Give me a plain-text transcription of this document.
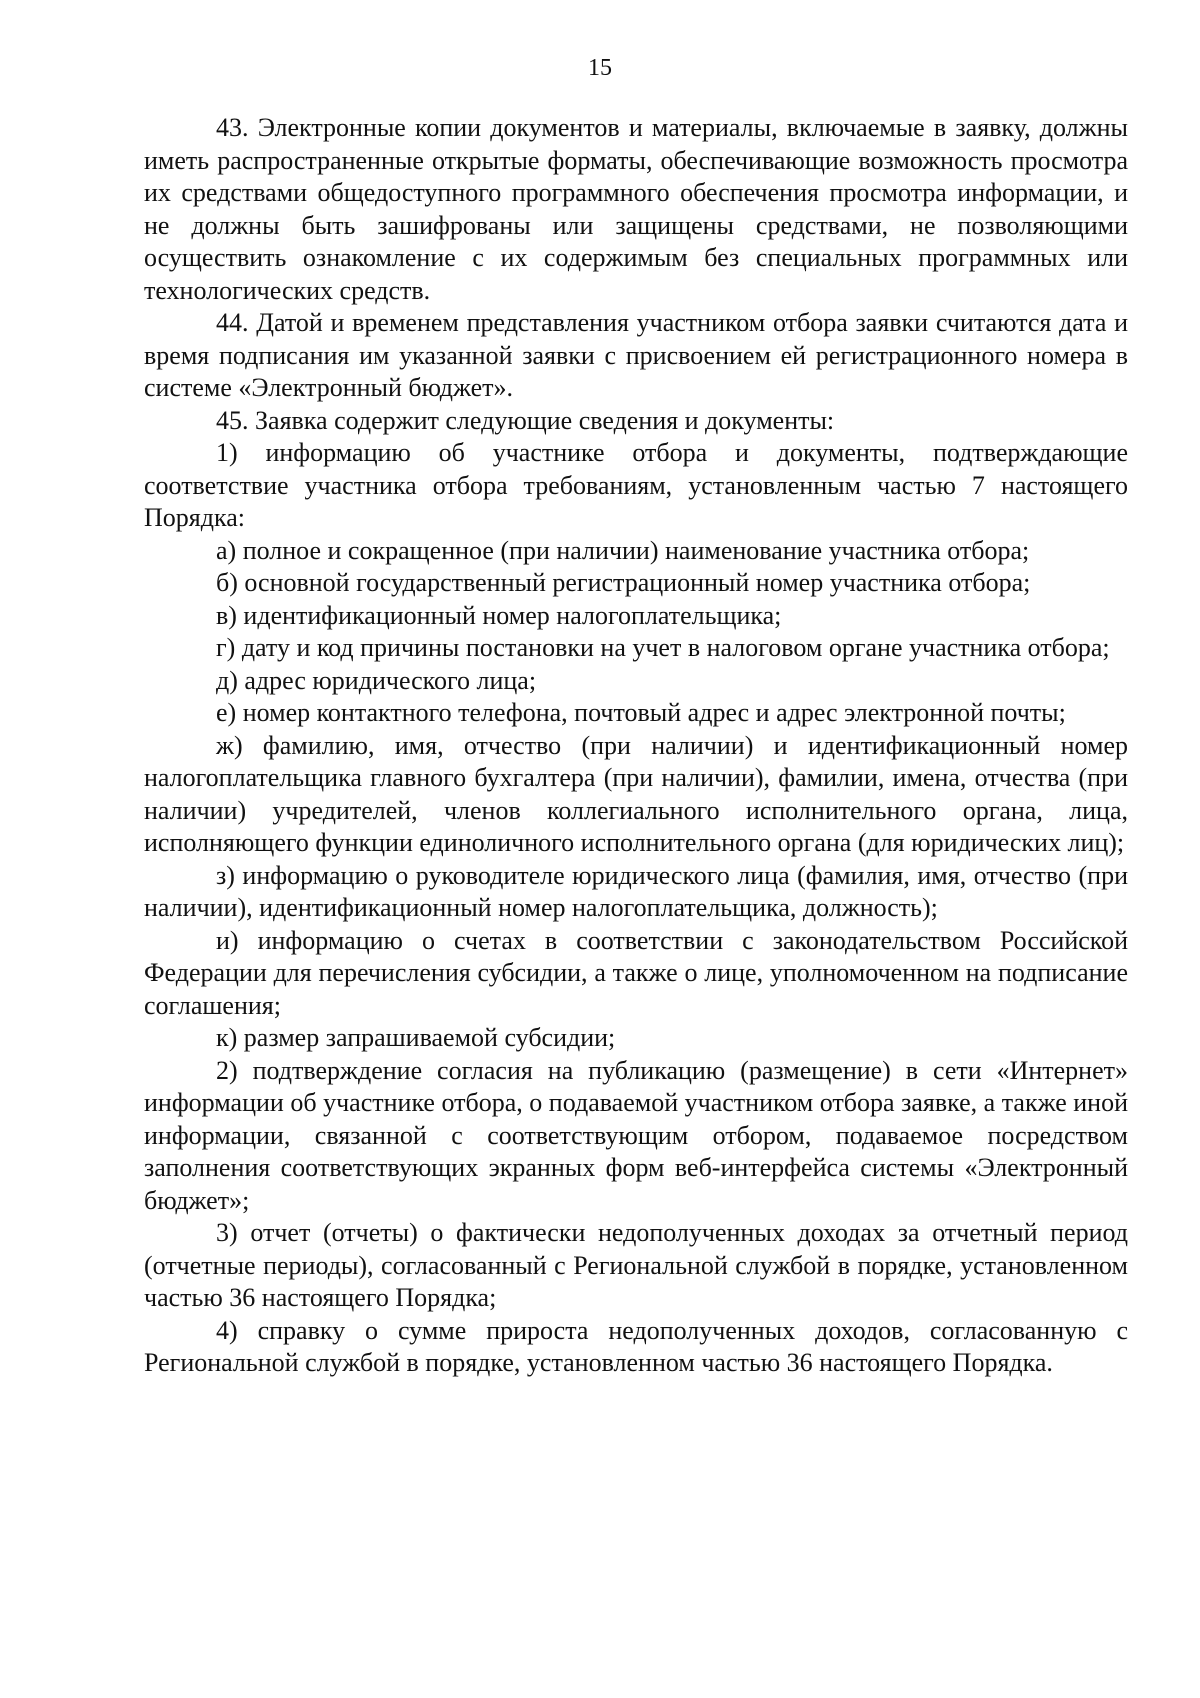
15

43. Электронные копии документов и материалы, включаемые в заявку, должны иметь распространенные открытые форматы, обеспечивающие возможность просмотра их средствами общедоступного программного обеспечения просмотра информации, и не должны быть зашифрованы или защищены средствами, не позволяющими осуществить ознакомление с их содержимым без специальных программных или технологических средств.

44. Датой и временем представления участником отбора заявки считаются дата и время подписания им указанной заявки с присвоением ей регистрационного номера в системе «Электронный бюджет».

45. Заявка содержит следующие сведения и документы:

1) информацию об участнике отбора и документы, подтверждающие соответствие участника отбора требованиям, установленным частью 7 настоящего Порядка:

а) полное и сокращенное (при наличии) наименование участника отбора;

б) основной государственный регистрационный номер участника отбора;

в) идентификационный номер налогоплательщика;

г) дату и код причины постановки на учет в налоговом органе участника отбора;

д) адрес юридического лица;

е) номер контактного телефона, почтовый адрес и адрес электронной почты;

ж) фамилию, имя, отчество (при наличии) и идентификационный номер налогоплательщика главного бухгалтера (при наличии), фамилии, имена, отчества (при наличии) учредителей, членов коллегиального исполнительного органа, лица, исполняющего функции единоличного исполнительного органа (для юридических лиц);

з) информацию о руководителе юридического лица (фамилия, имя, отчество (при наличии), идентификационный номер налогоплательщика, должность);

и) информацию о счетах в соответствии с законодательством Российской Федерации для перечисления субсидии, а также о лице, уполномоченном на подписание соглашения;

к) размер запрашиваемой субсидии;

2) подтверждение согласия на публикацию (размещение) в сети «Интернет» информации об участнике отбора, о подаваемой участником отбора заявке, а также иной информации, связанной с соответствующим отбором, подаваемое посредством заполнения соответствующих экранных форм веб-интерфейса системы «Электронный бюджет»;

3) отчет (отчеты) о фактически недополученных доходах за отчетный период (отчетные периоды), согласованный с Региональной службой в порядке, установленном частью 36 настоящего Порядка;

4) справку о сумме прироста недополученных доходов, согласованную с Региональной службой в порядке, установленном частью 36 настоящего Порядка.
